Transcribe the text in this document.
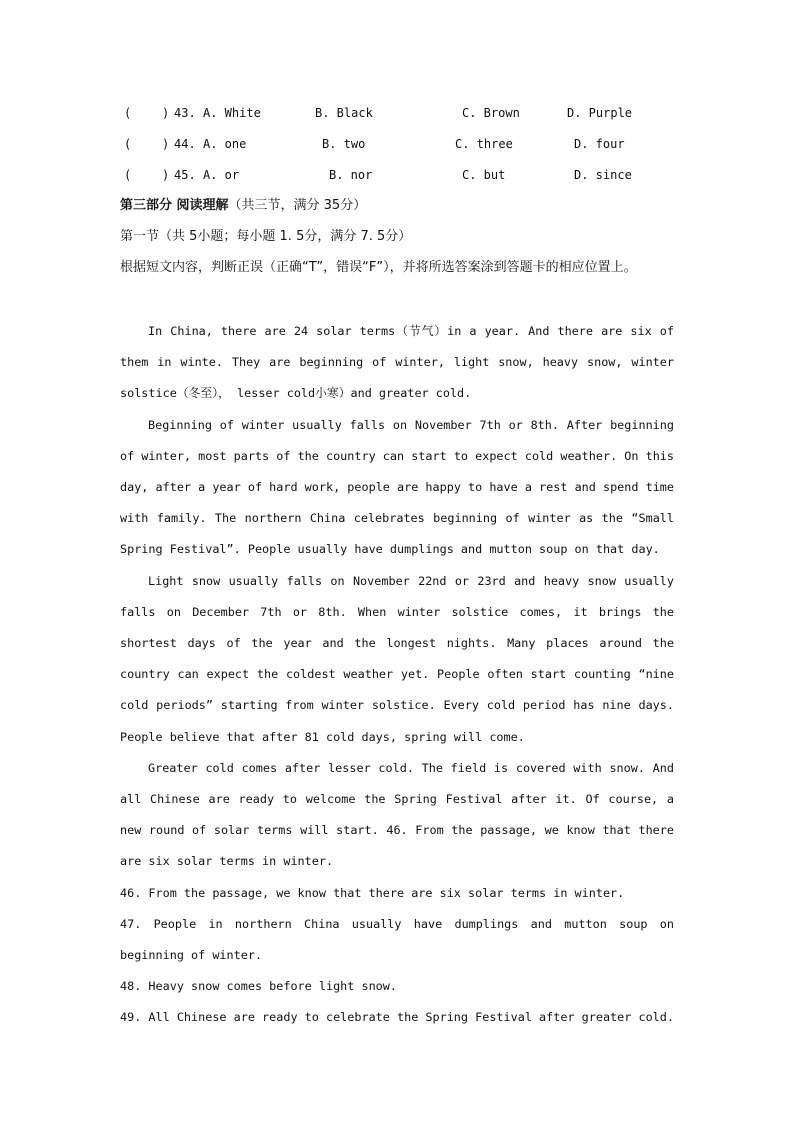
(	) 43. A. White	B. Black	C. Brown	D. Purple
(	) 44. A. one	B. two	C. three	D. four
(	) 45. A. or	B. nor	C. but	D. since
第三部分 阅读理解（共三节，满分 35分）
第一节（共 5小题；每小题 1. 5分，满分 7. 5分）
根据短文内容，判断正误（正确“T”，错误“F”），并将所选答案涂到答题卡的相应位置上。

In China, there are 24 solar terms（节气）in a year. And there are six of them in winte. They are beginning of winter, light snow, heavy snow, winter solstice（冬至）， lesser cold小寒）and greater cold.

Beginning of winter usually falls on November 7th or 8th. After beginning of winter, most parts of the country can start to expect cold weather. On this day, after a year of hard work, people are happy to have a rest and spend time with family. The northern China celebrates beginning of winter as the “Small Spring Festival”. People usually have dumplings and mutton soup on that day.

Light snow usually falls on November 22nd or 23rd and heavy snow usually falls on December 7th or 8th. When winter solstice comes, it brings the shortest days of the year and the longest nights. Many places around the country can expect the coldest weather yet. People often start counting “nine cold periods” starting from winter solstice. Every cold period has nine days. People believe that after 81 cold days, spring will come.

Greater cold comes after lesser cold. The field is covered with snow. And all Chinese are ready to welcome the Spring Festival after it. Of course, a new round of solar terms will start. 46. From the passage, we know that there are six solar terms in winter.

46. From the passage, we know that there are six solar terms in winter.

47. People in northern China usually have dumplings and mutton soup on beginning of winter.

48. Heavy snow comes before light snow.

49. All Chinese are ready to celebrate the Spring Festival after greater cold.
